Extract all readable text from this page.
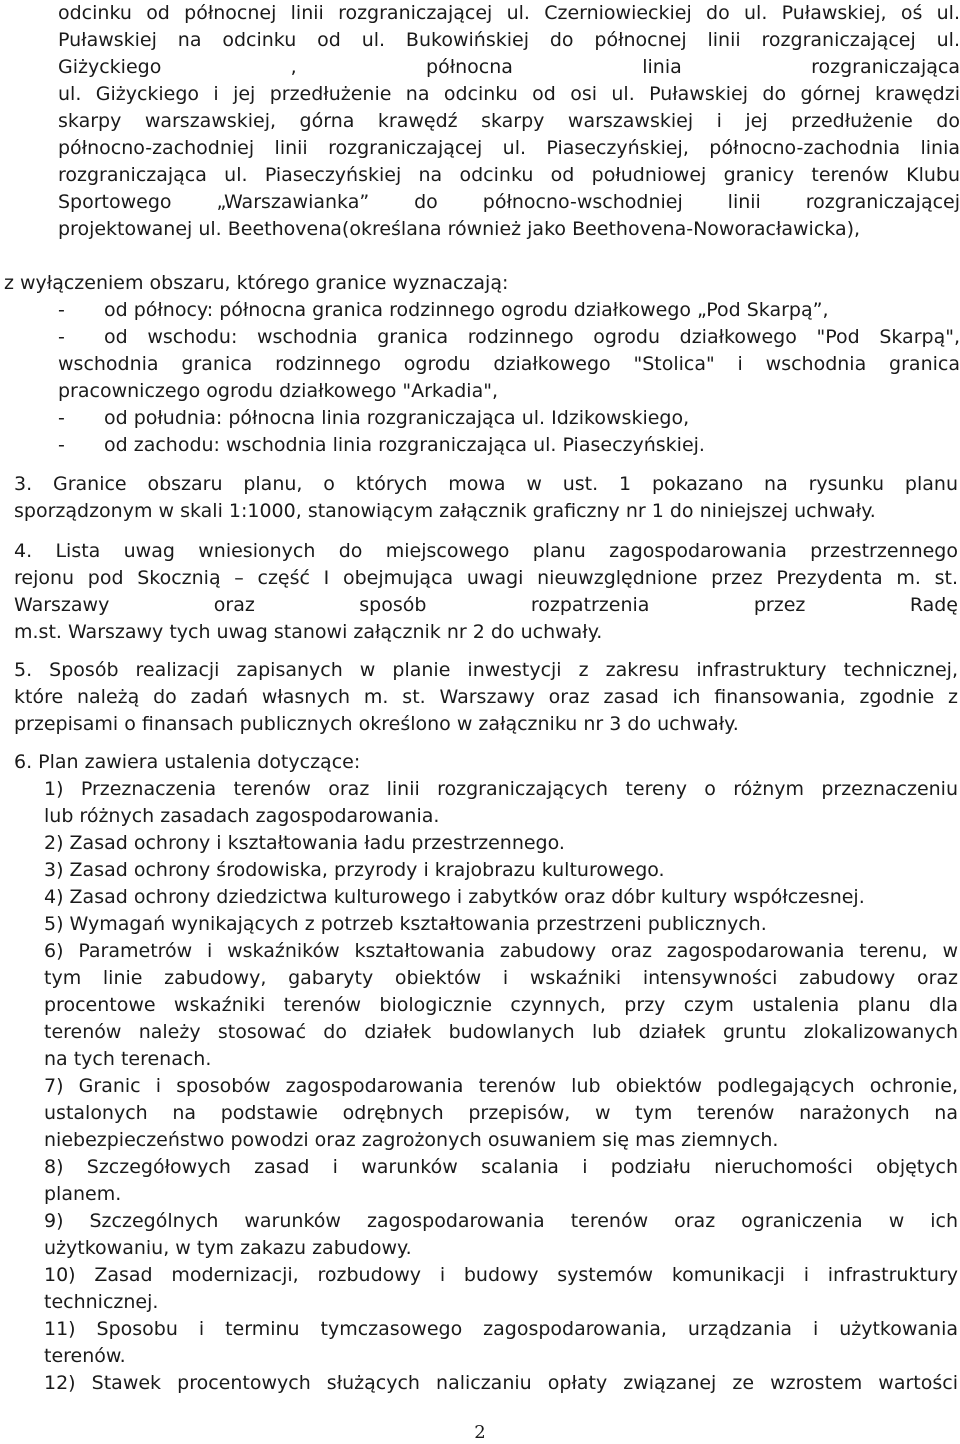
odcinku od północnej linii rozgraniczającej ul. Czerniowieckiej do ul. Puławskiej, oś ul.
Puławskiej na odcinku od ul. Bukowińskiej do północnej linii rozgraniczającej ul.
Giżyckiego , północna linia rozgraniczająca
ul. Giżyckiego i jej przedłużenie na odcinku od osi ul. Puławskiej do górnej krawędzi
skarpy warszawskiej, górna krawędź skarpy warszawskiej i jej przedłużenie do
północno-zachodniej linii rozgraniczającej ul. Piaseczyńskiej, północno-zachodnia linia
rozgraniczająca ul. Piaseczyńskiej na odcinku od południowej granicy terenów Klubu
Sportowego „Warszawianka” do północno-wschodniej linii rozgraniczającej
projektowanej ul. Beethovena(określana również jako Beethovena-Noworacławicka),
z wyłączeniem obszaru, którego granice wyznaczają:
- od północy: północna granica rodzinnego ogrodu działkowego „Pod Skarpą”,
-	od wschodu: wschodnia granica rodzinnego ogrodu działkowego "Pod Skarpą",
wschodnia granica rodzinnego ogrodu działkowego "Stolica" i wschodnia granica
pracowniczego ogrodu działkowego "Arkadia",
- od południa: północna linia rozgraniczająca ul. Idzikowskiego,
- od zachodu: wschodnia linia rozgraniczająca ul. Piaseczyńskiej.
3. Granice obszaru planu, o których mowa w ust. 1 pokazano na rysunku planu
sporządzonym w skali 1:1000, stanowiącym załącznik graficzny nr 1 do niniejszej uchwały.
4. Lista uwag wniesionych do miejscowego planu zagospodarowania przestrzennego
rejonu pod Skocznią – część I obejmująca uwagi nieuwzględnione przez Prezydenta m. st.
Warszawy oraz sposób rozpatrzenia przez Radę
m.st. Warszawy tych uwag stanowi załącznik nr 2 do uchwały.
5. Sposób realizacji zapisanych w planie inwestycji z zakresu infrastruktury technicznej,
które należą do zadań własnych m. st. Warszawy oraz zasad ich finansowania, zgodnie z
przepisami o finansach publicznych określono w załączniku nr 3 do uchwały.
6. Plan zawiera ustalenia dotyczące:
1) Przeznaczenia terenów oraz linii rozgraniczających tereny o różnym przeznaczeniu
lub różnych zasadach zagospodarowania.
2) Zasad ochrony i kształtowania ładu przestrzennego.
3) Zasad ochrony środowiska, przyrody i krajobrazu kulturowego.
4) Zasad ochrony dziedzictwa kulturowego i zabytków oraz dóbr kultury współczesnej.
5) Wymagań wynikających z potrzeb kształtowania przestrzeni publicznych.
6) Parametrów i wskaźników kształtowania zabudowy oraz zagospodarowania terenu, w
tym linie zabudowy, gabaryty obiektów i wskaźniki intensywności zabudowy oraz
procentowe wskaźniki terenów biologicznie czynnych, przy czym ustalenia planu dla
terenów należy stosować do działek budowlanych lub działek gruntu zlokalizowanych
na tych terenach.
7) Granic i sposobów zagospodarowania terenów lub obiektów podlegających ochronie,
ustalonych na podstawie odrębnych przepisów, w tym terenów narażonych na
niebezpieczeństwo powodzi oraz zagrożonych osuwaniem się mas ziemnych.
8) Szczegółowych zasad i warunków scalania i podziału nieruchomości objętych
planem.
9) Szczególnych warunków zagospodarowania terenów oraz ograniczenia w ich
użytkowaniu, w tym zakazu zabudowy.
10) Zasad modernizacji, rozbudowy i budowy systemów komunikacji i infrastruktury
technicznej.
11) Sposobu i terminu tymczasowego zagospodarowania, urządzania i użytkowania
terenów.
12) Stawek procentowych służących naliczaniu opłaty związanej ze wzrostem wartości
2
